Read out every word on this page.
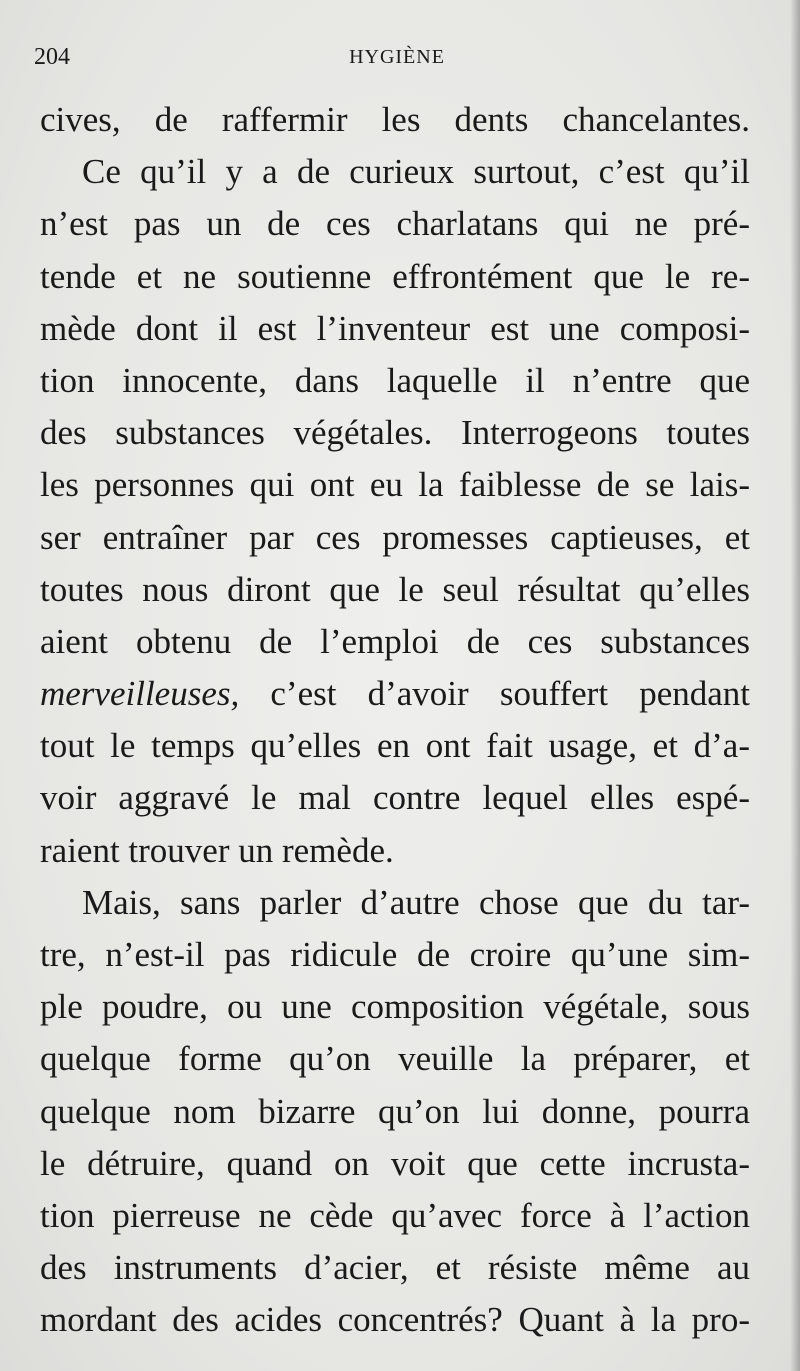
204	HYGIÈNE
cives, de raffermir les dents chancelantes.
Ce qu’il y a de curieux surtout, c’est qu’il
n’est pas un de ces charlatans qui ne pré-
tende et ne soutienne effrontément que le re-
mède dont il est l’inventeur est une composi-
tion innocente, dans laquelle il n’entre que
des substances végétales. Interrogeons toutes
les personnes qui ont eu la faiblesse de se lais-
ser entraîner par ces promesses captieuses, et
toutes nous diront que le seul résultat qu’elles
aient obtenu de l’emploi de ces substances
merveilleuses, c’est d’avoir souffert pendant
tout le temps qu’elles en ont fait usage, et d’a-
voir aggravé le mal contre lequel elles espé-
raient trouver un remède.
Mais, sans parler d’autre chose que du tar-
tre, n’est-il pas ridicule de croire qu’une sim-
ple poudre, ou une composition végétale, sous
quelque forme qu’on veuille la préparer, et
quelque nom bizarre qu’on lui donne, pourra
le détruire, quand on voit que cette incrusta-
tion pierreuse ne cède qu’avec force à l’action
des instruments d’acier, et résiste même au
mordant des acides concentrés? Quant à la pro-
